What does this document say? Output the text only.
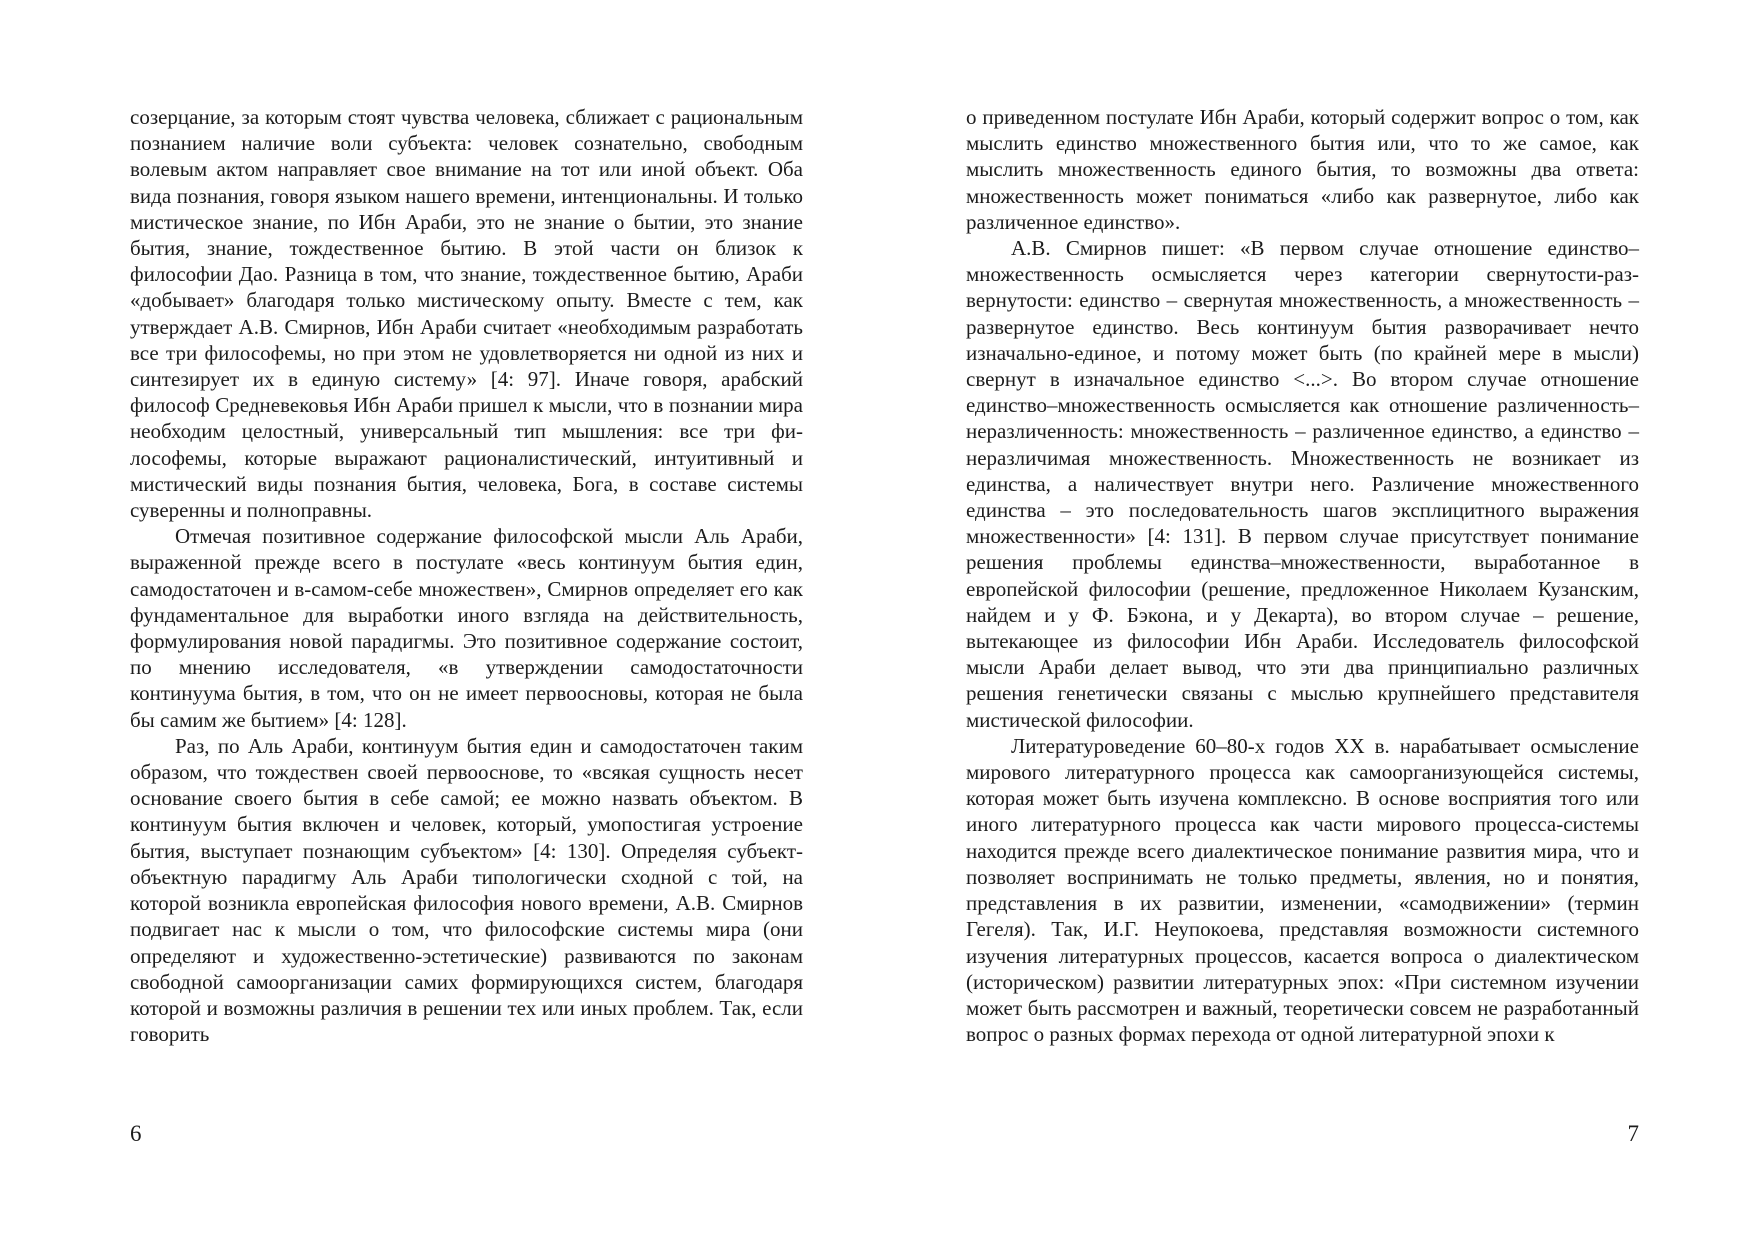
созерцание, за которым стоят чувства человека, сближает с рациональным познанием наличие воли субъекта: человек сознательно, свободным волевым актом направляет свое внимание на тот или иной объект. Оба вида познания, говоря языком нашего времени, интенциональны. И только мистическое знание, по Ибн Араби, это не знание о бытии, это знание бытия, знание, тождественное бытию. В этой части он близок к философии Дао. Разница в том, что знание, тождественное бытию, Араби «добывает» благодаря только мистическому опыту. Вместе с тем, как утверждает А.В. Смирнов, Ибн Араби считает «необходимым разработать все три философемы, но при этом не удовлетворяется ни одной из них и синтезирует их в единую систему» [4: 97]. Иначе говоря, арабский философ Средневековья Ибн Араби пришел к мысли, что в познании мира необходим целостный, универсальный тип мышления: все три философемы, которые выражают рационалистический, интуитивный и мистический виды познания бытия, человека, Бога, в составе системы суверенны и полноправны.

Отмечая позитивное содержание философской мысли Аль Араби, выраженной прежде всего в постулате «весь континуум бытия един, самодостаточен и в-самом-себе множествен», Смирнов определяет его как фундаментальное для выработки иного взгляда на действительность, формулирования новой парадигмы. Это позитивное содержание состоит, по мнению исследователя, «в утверждении самодостаточности континуума бытия, в том, что он не имеет первоосновы, которая не была бы самим же бытием» [4: 128].

Раз, по Аль Араби, континуум бытия един и самодостаточен таким образом, что тождествен своей первооснове, то «всякая сущность несет основание своего бытия в себе самой; ее можно назвать объектом. В континуум бытия включен и человек, который, умопостигая устроение бытия, выступает познающим субъектом» [4: 130]. Определяя субъект-объектную парадигму Аль Араби типологически сходной с той, на которой возникла европейская философия нового времени, А.В. Смирнов подвигает нас к мысли о том, что философские системы мира (они определяют и художественно-эстетические) развиваются по законам свободной самоорганизации самих формирующихся систем, благодаря которой и возможны различия в решении тех или иных проблем. Так, если говорить

6

о приведенном постулате Ибн Араби, который содержит вопрос о том, как мыслить единство множественного бытия или, что то же самое, как мыслить множественность единого бытия, то возможны два ответа: множественность может пониматься «либо как развернутое, либо как различенное единство».

А.В. Смирнов пишет: «В первом случае отношение единство–множественность осмысляется через категории свернутости-развернутости: единство – свернутая множественность, а множественность – развернутое единство. Весь континуум бытия разворачивает нечто изначально-единое, и потому может быть (по крайней мере в мысли) свернут в изначальное единство <...>. Во втором случае отношение единство–множественность осмысляется как отношение различенность–неразличенность: множественность – различенное единство, а единство – неразличимая множественность. Множественность не возникает из единства, а наличествует внутри него. Различение множественного единства – это последовательность шагов эксплицитного выражения множественности» [4: 131]. В первом случае присутствует понимание решения проблемы единства–множественности, выработанное в европейской философии (решение, предложенное Николаем Кузанским, найдем и у Ф. Бэкона, и у Декарта), во втором случае – решение, вытекающее из философии Ибн Араби. Исследователь философской мысли Араби делает вывод, что эти два принципиально различных решения генетически связаны с мыслью крупнейшего представителя мистической философии.

Литературоведение 60–80-х годов XX в. нарабатывает осмысление мирового литературного процесса как самоорганизующейся системы, которая может быть изучена комплексно. В основе восприятия того или иного литературного процесса как части мирового процесса-системы находится прежде всего диалектическое понимание развития мира, что и позволяет воспринимать не только предметы, явления, но и понятия, представления в их развитии, изменении, «самодвижении» (термин Гегеля). Так, И.Г. Неупокоева, представляя возможности системного изучения литературных процессов, касается вопроса о диалектическом (историческом) развитии литературных эпох: «При системном изучении может быть рассмотрен и важный, теоретически совсем не разработанный вопрос о разных формах перехода от одной литературной эпохи к

7
